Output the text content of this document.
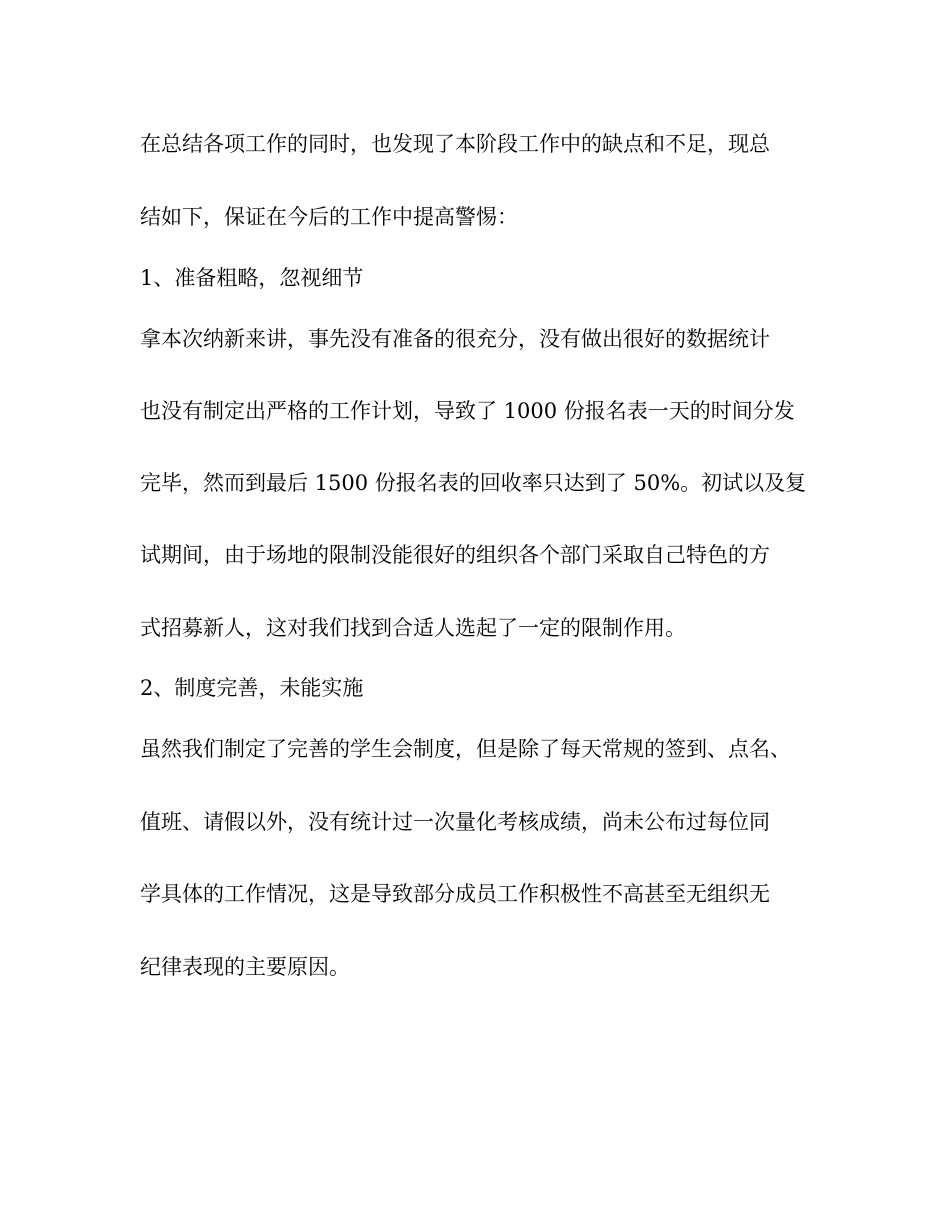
在总结各项工作的同时，也发现了本阶段工作中的缺点和不足，现总

结如下，保证在今后的工作中提高警惕：

1、准备粗略，忽视细节

拿本次纳新来讲，事先没有准备的很充分，没有做出很好的数据统计

也没有制定出严格的工作计划，导致了 1000 份报名表一天的时间分发

完毕，然而到最后 1500 份报名表的回收率只达到了 50%。初试以及复

试期间，由于场地的限制没能很好的组织各个部门采取自己特色的方

式招募新人，这对我们找到合适人选起了一定的限制作用。

2、制度完善，未能实施

虽然我们制定了完善的学生会制度，但是除了每天常规的签到、点名、

值班、请假以外，没有统计过一次量化考核成绩，尚未公布过每位同

学具体的工作情况，这是导致部分成员工作积极性不高甚至无组织无

纪律表现的主要原因。
